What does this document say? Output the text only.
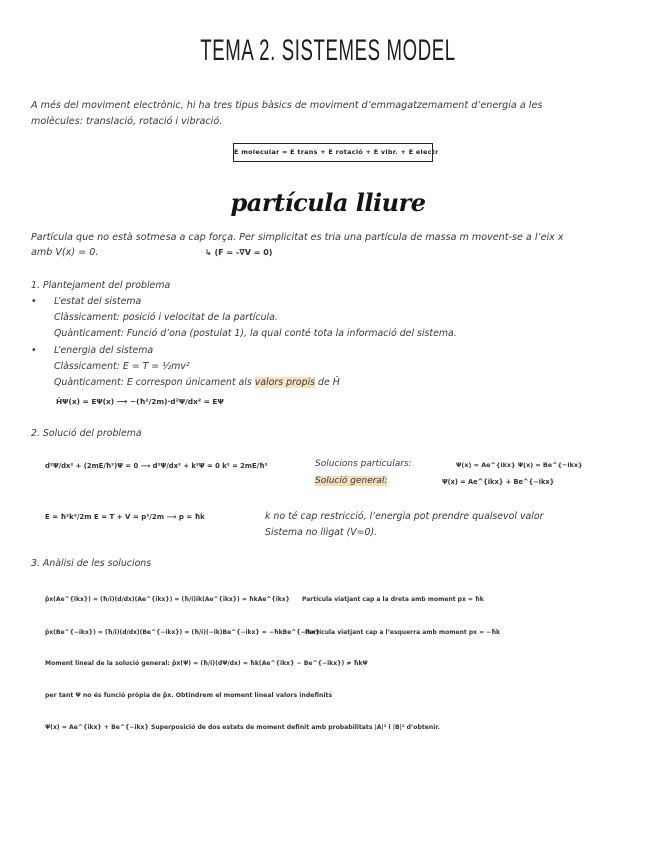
TEMA 2. SISTEMES MODEL
A més del moviment electrònic, hi ha tres tipus bàsics de moviment d’emmagatzemament d’energia a les
molècules: translació, rotació i vibració.
Ε molecular = Ε trans + Ε rotació + Ε vibr. + Ε electr
partícula lliure
Partícula que no està sotmesa a cap força. Per simplicitat es tria una partícula de massa m movent-se a l’eix x
amb V(x) = 0.	↳ (F = -∇V = 0)
1. Plantejament del problema
• L’estat del sistema
Clàssicament: posició i velocitat de la partícula.
Quànticament: Funció d’ona (postulat 1), la qual conté tota la informació del sistema.
• L’energia del sistema
Clàssicament: E = T = ½mv²
Quànticament: E correspon únicament als valors propis de Ĥ
ĤΨ(x) = EΨ(x) ⟶ −(ħ²/2m)·d²Ψ/dx² = EΨ
2. Solució del problema
d²Ψ/dx² + (2mE/ħ²)Ψ = 0 ⟶ d²Ψ/dx² + k²Ψ = 0 k² = 2mE/ħ²	Solucions particulars:	Ψ(x) = Ae^{ikx} Ψ(x) = Be^{−ikx}
Solució general:	Ψ(x) = Ae^{ikx} + Be^{−ikx}
E = ħ²k²/2m E = T + V = p²/2m ⟶ p = ħk	k no té cap restricció, l’energia pot prendre qualsevol valor
Sistema no lligat (V=0).
3. Anàlisi de les solucions
p̂x(Ae^{ikx}) = (ħ/i)(d/dx)(Ae^{ikx}) = (ħ/i)ik(Ae^{ikx}) = ħkAe^{ikx} Partícula viatjant cap a la dreta amb moment px = ħk
p̂x(Be^{−ikx}) = (ħ/i)(d/dx)(Be^{−ikx}) = (ħ/i)(−ik)Be^{−ikx} = −ħkBe^{−ikx}
Partícula viatjant cap a l’esquerra amb moment px = −ħk
Moment lineal de la solució general: p̂x(Ψ) = (ħ/i)(dΨ/dx) = ħk(Ae^{ikx} − Be^{−ikx}) ≠ ħkΨ
per tant Ψ no és funció pròpia de p̂x. Obtindrem el moment lineal valors indefinits
Ψ(x) = Ae^{ikx} + Be^{−ikx} Superposició de dos estats de moment definit amb probabilitats |A|² i |B|² d’obtenir.
